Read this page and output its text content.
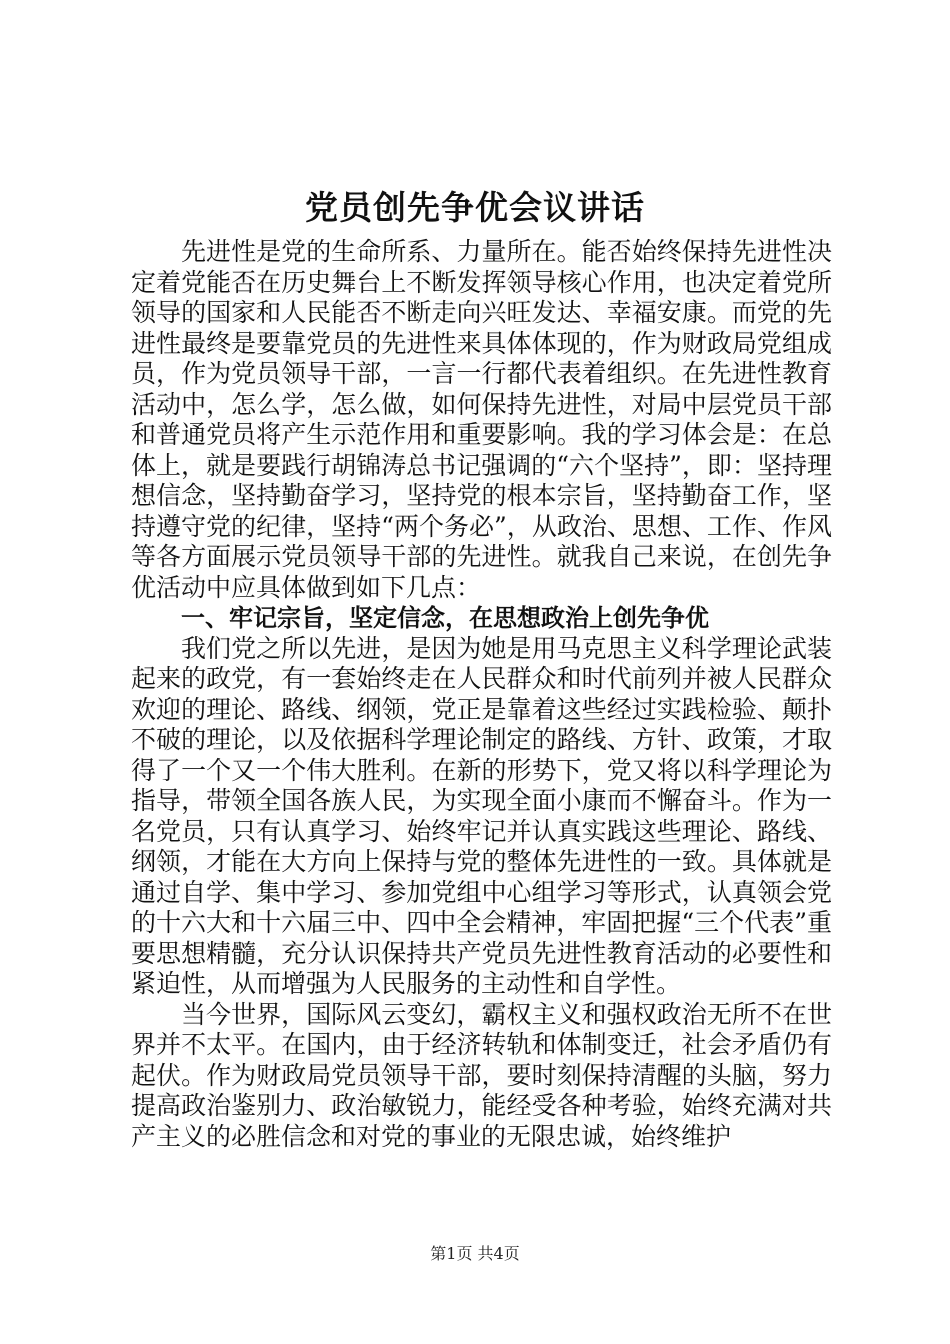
党员创先争优会议讲话

先进性是党的生命所系、力量所在。能否始终保持先进性决定着党能否在历史舞台上不断发挥领导核心作用，也决定着党所领导的国家和人民能否不断走向兴旺发达、幸福安康。而党的先进性最终是要靠党员的先进性来具体体现的，作为财政局党组成员，作为党员领导干部，一言一行都代表着组织。在先进性教育活动中，怎么学，怎么做，如何保持先进性，对局中层党员干部和普通党员将产生示范作用和重要影响。我的学习体会是：在总体上，就是要践行胡锦涛总书记强调的“六个坚持”，即：坚持理想信念，坚持勤奋学习，坚持党的根本宗旨，坚持勤奋工作，坚持遵守党的纪律，坚持“两个务必”，从政治、思想、工作、作风等各方面展示党员领导干部的先进性。就我自己来说，在创先争优活动中应具体做到如下几点：

一、牢记宗旨，坚定信念，在思想政治上创先争优

我们党之所以先进，是因为她是用马克思主义科学理论武装起来的政党，有一套始终走在人民群众和时代前列并被人民群众欢迎的理论、路线、纲领，党正是靠着这些经过实践检验、颠扑不破的理论，以及依据科学理论制定的路线、方针、政策，才取得了一个又一个伟大胜利。在新的形势下，党又将以科学理论为指导，带领全国各族人民，为实现全面小康而不懈奋斗。作为一名党员，只有认真学习、始终牢记并认真实践这些理论、路线、纲领，才能在大方向上保持与党的整体先进性的一致。具体就是通过自学、集中学习、参加党组中心组学习等形式，认真领会党的十六大和十六届三中、四中全会精神，牢固把握“三个代表”重要思想精髓，充分认识保持共产党员先进性教育活动的必要性和紧迫性，从而增强为人民服务的主动性和自学性。

当今世界，国际风云变幻，霸权主义和强权政治无所不在世界并不太平。在国内，由于经济转轨和体制变迁，社会矛盾仍有起伏。作为财政局党员领导干部，要时刻保持清醒的头脑，努力提高政治鉴别力、政治敏锐力，能经受各种考验，始终充满对共产主义的必胜信念和对党的事业的无限忠诚，始终维护

第1页 共4页
